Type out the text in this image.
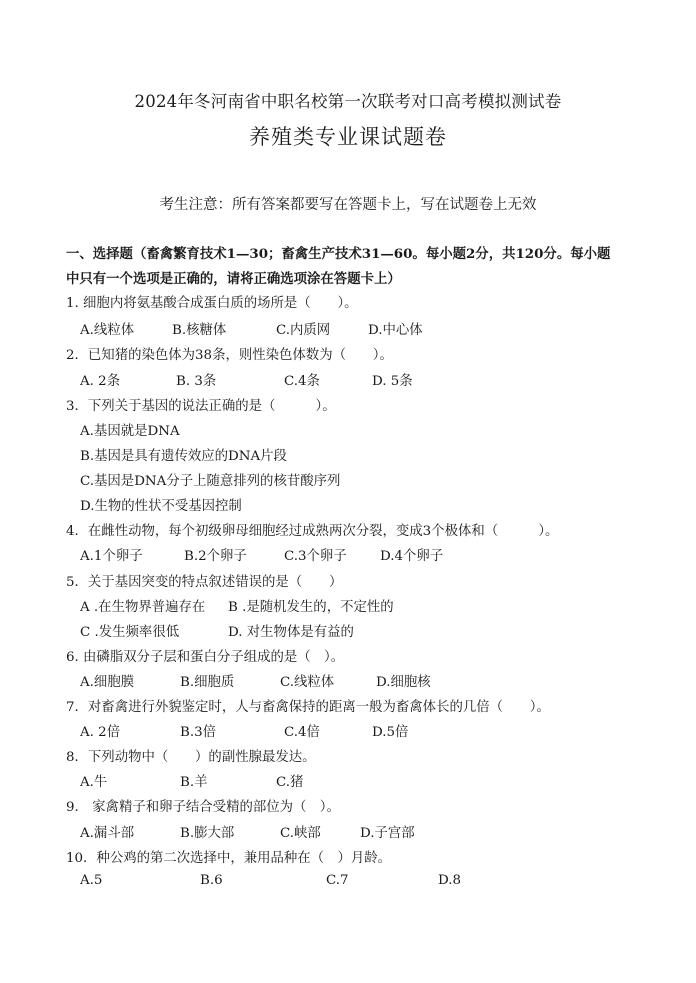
2024年冬河南省中职名校第一次联考对口高考模拟测试卷
养殖类专业课试题卷
考生注意：所有答案都要写在答题卡上，写在试题卷上无效
一、选择题（畜禽繁育技术1—30；畜禽生产技术31—60。每小题2分，共120分。每小题
中只有一个选项是正确的，请将正确选项涂在答题卡上）
1. 细胞内将氨基酸合成蛋白质的场所是（　　）。
A.线粒体	B.核糖体	C.内质网	D.中心体
2．已知猪的染色体为38条，则性染色体数为（　　）。
A. 2条	B. 3条	C.4条	D. 5条
3．下列关于基因的说法正确的是（　　　）。
A.基因就是DNA
B.基因是具有遗传效应的DNA片段
C.基因是DNA分子上随意排列的核苷酸序列
D.生物的性状不受基因控制
4．在雌性动物，每个初级卵母细胞经过成熟两次分裂，变成3个极体和（　　　）。
A.1个卵子	B.2个卵子	C.3个卵子 D.4个卵子
5．关于基因突变的特点叙述错误的是（　　）
A .在生物界普遍存在 B .是随机发生的，不定性的
C .发生频率很低	D. 对生物体是有益的
6. 由磷脂双分子层和蛋白分子组成的是（　）。
A.细胞膜	B.细胞质	C.线粒体	D.细胞核
7．对畜禽进行外貌鉴定时，人与畜禽保持的距离一般为畜禽体长的几倍（　　）。
A. 2倍	B.3倍	C.4倍	D.5倍
8．下列动物中（　　）的副性腺最发达。
A.牛	B.羊	C.猪
9.　家禽精子和卵子结合受精的部位为（　）。
A.漏斗部	B.膨大部	C.峡部	D.子宫部
10．种公鸡的第二次选择中，兼用品种在（　）月龄。
A.5	B.6	C.7	D.8
